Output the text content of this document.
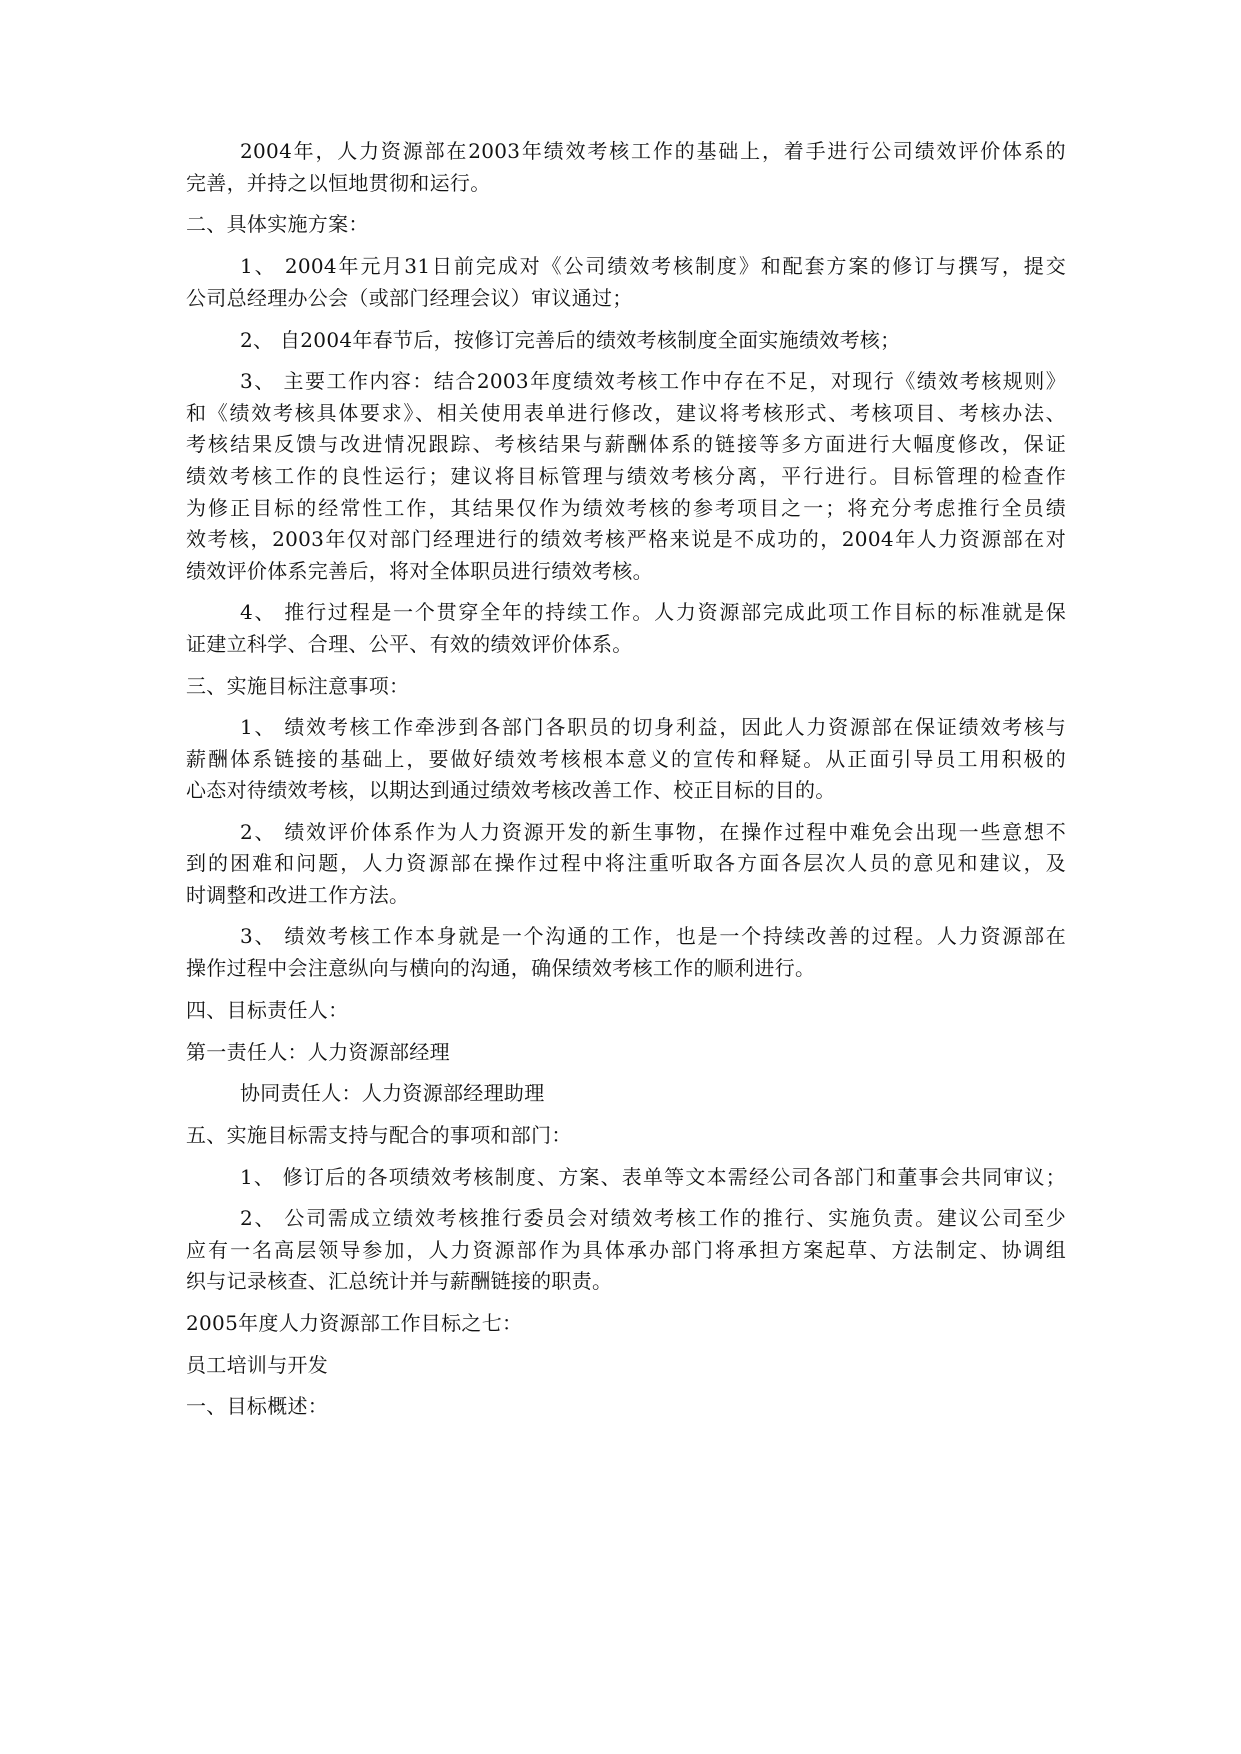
2004年，人力资源部在2003年绩效考核工作的基础上，着手进行公司绩效评价体系的
完善，并持之以恒地贯彻和运行。
二、具体实施方案：
1、 2004年元月31日前完成对《公司绩效考核制度》和配套方案的修订与撰写，提交
公司总经理办公会（或部门经理会议）审议通过；
2、 自2004年春节后，按修订完善后的绩效考核制度全面实施绩效考核；
3、 主要工作内容：结合2003年度绩效考核工作中存在不足，对现行《绩效考核规则》
和《绩效考核具体要求》、相关使用表单进行修改，建议将考核形式、考核项目、考核办法、
考核结果反馈与改进情况跟踪、考核结果与薪酬体系的链接等多方面进行大幅度修改，保证
绩效考核工作的良性运行；建议将目标管理与绩效考核分离，平行进行。目标管理的检查作
为修正目标的经常性工作，其结果仅作为绩效考核的参考项目之一；将充分考虑推行全员绩
效考核，2003年仅对部门经理进行的绩效考核严格来说是不成功的，2004年人力资源部在对
绩效评价体系完善后，将对全体职员进行绩效考核。
4、 推行过程是一个贯穿全年的持续工作。人力资源部完成此项工作目标的标准就是保
证建立科学、合理、公平、有效的绩效评价体系。
三、实施目标注意事项：
1、 绩效考核工作牵涉到各部门各职员的切身利益，因此人力资源部在保证绩效考核与
薪酬体系链接的基础上，要做好绩效考核根本意义的宣传和释疑。从正面引导员工用积极的
心态对待绩效考核，以期达到通过绩效考核改善工作、校正目标的目的。
2、 绩效评价体系作为人力资源开发的新生事物，在操作过程中难免会出现一些意想不
到的困难和问题，人力资源部在操作过程中将注重听取各方面各层次人员的意见和建议，及
时调整和改进工作方法。
3、 绩效考核工作本身就是一个沟通的工作，也是一个持续改善的过程。人力资源部在
操作过程中会注意纵向与横向的沟通，确保绩效考核工作的顺利进行。
四、目标责任人：
第一责任人：人力资源部经理
协同责任人：人力资源部经理助理
五、实施目标需支持与配合的事项和部门：
1、 修订后的各项绩效考核制度、方案、表单等文本需经公司各部门和董事会共同审议；
2、 公司需成立绩效考核推行委员会对绩效考核工作的推行、实施负责。建议公司至少
应有一名高层领导参加，人力资源部作为具体承办部门将承担方案起草、方法制定、协调组
织与记录核查、汇总统计并与薪酬链接的职责。
2005年度人力资源部工作目标之七：
员工培训与开发
一、目标概述：
